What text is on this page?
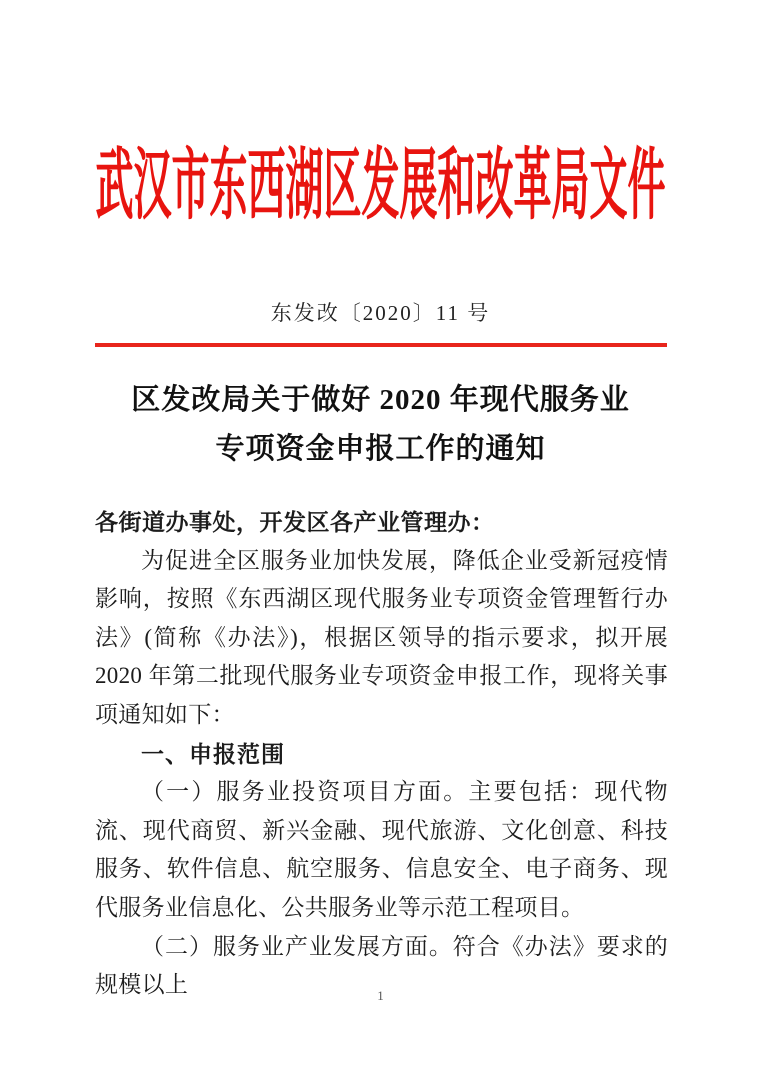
武汉市东西湖区发展和改革局文件
东发改〔2020〕11 号
区发改局关于做好 2020 年现代服务业
专项资金申报工作的通知

各街道办事处，开发区各产业管理办：

为促进全区服务业加快发展，降低企业受新冠疫情影响，按照《东西湖区现代服务业专项资金管理暂行办法》(简称《办法》)，根据区领导的指示要求，拟开展 2020 年第二批现代服务业专项资金申报工作，现将关事项通知如下：

一、申报范围

（一）服务业投资项目方面。主要包括：现代物流、现代商贸、新兴金融、现代旅游、文化创意、科技服务、软件信息、航空服务、信息安全、电子商务、现代服务业信息化、公共服务业等示范工程项目。

（二）服务业产业发展方面。符合《办法》要求的规模以上	1
